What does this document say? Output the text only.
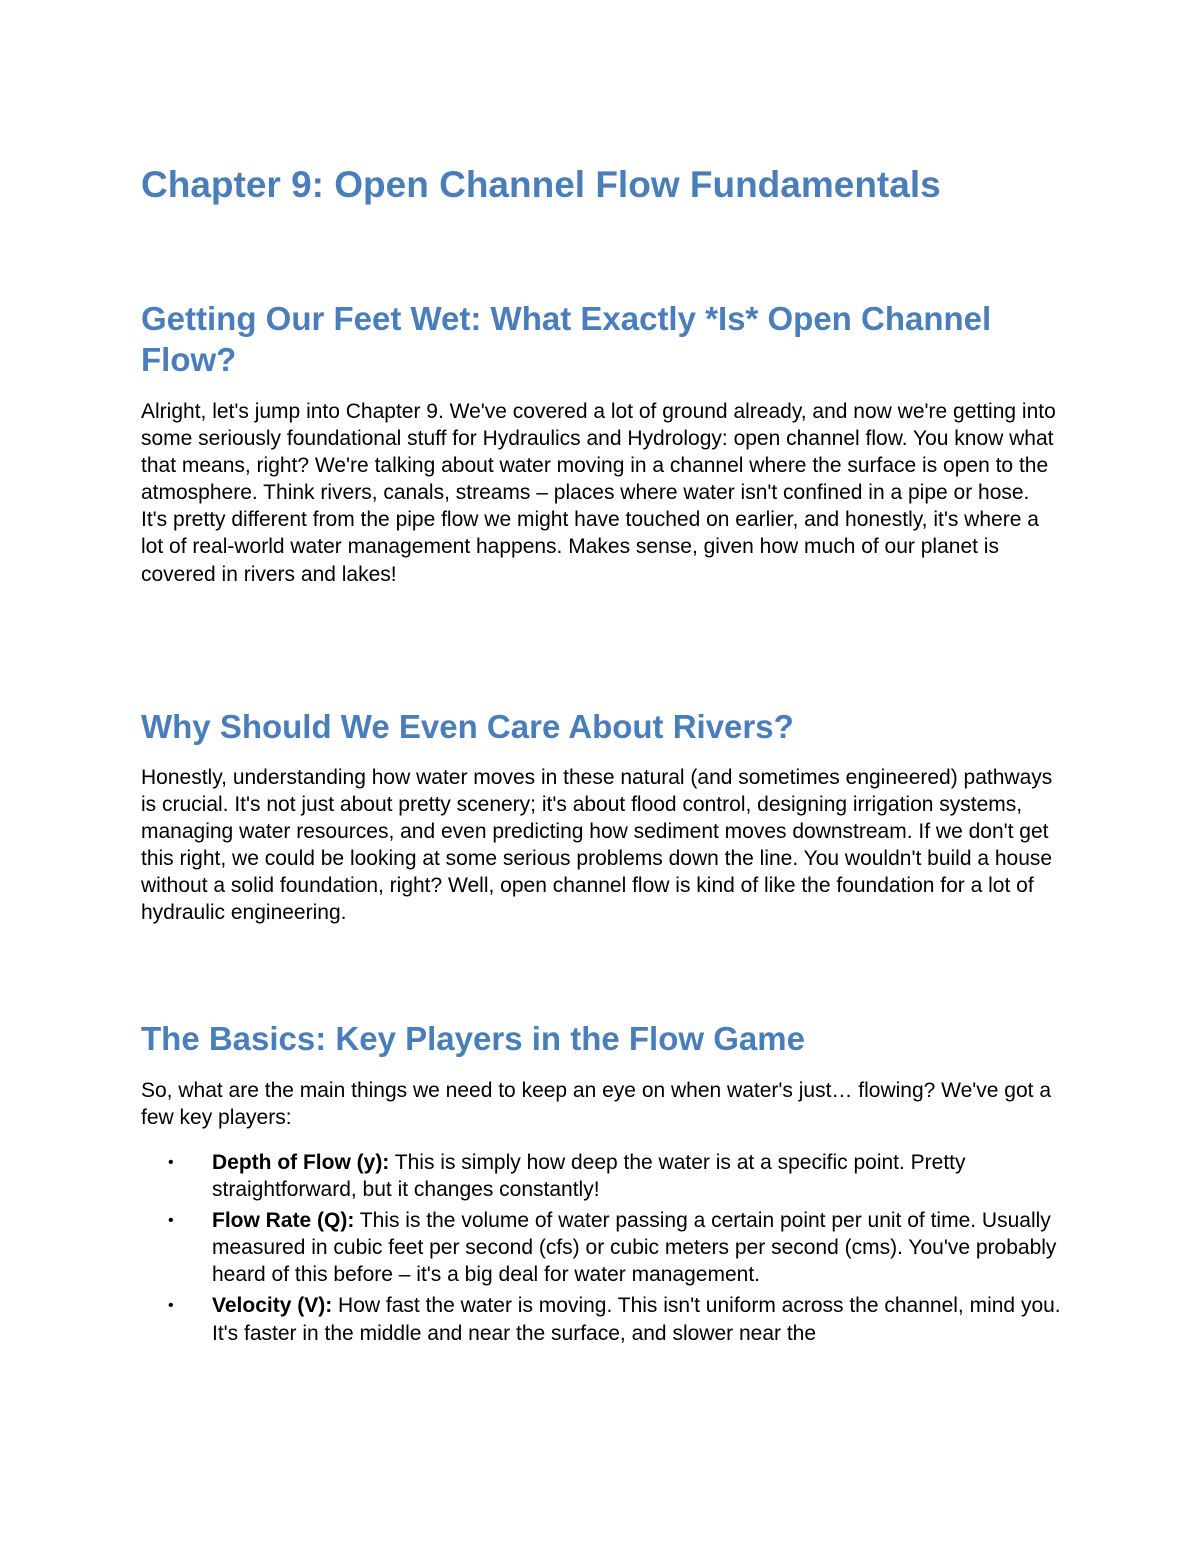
Chapter 9: Open Channel Flow Fundamentals
Getting Our Feet Wet: What Exactly *Is* Open Channel Flow?

Alright, let's jump into Chapter 9. We've covered a lot of ground already, and now we're getting into some seriously foundational stuff for Hydraulics and Hydrology: open channel flow. You know what that means, right? We're talking about water moving in a channel where the surface is open to the atmosphere. Think rivers, canals, streams – places where water isn't confined in a pipe or hose. It's pretty different from the pipe flow we might have touched on earlier, and honestly, it's where a lot of real-world water management happens. Makes sense, given how much of our planet is covered in rivers and lakes!

Why Should We Even Care About Rivers?

Honestly, understanding how water moves in these natural (and sometimes engineered) pathways is crucial. It's not just about pretty scenery; it's about flood control, designing irrigation systems, managing water resources, and even predicting how sediment moves downstream. If we don't get this right, we could be looking at some serious problems down the line. You wouldn't build a house without a solid foundation, right? Well, open channel flow is kind of like the foundation for a lot of hydraulic engineering.

The Basics: Key Players in the Flow Game

So, what are the main things we need to keep an eye on when water's just… flowing? We've got a few key players:

• Depth of Flow (y): This is simply how deep the water is at a specific point. Pretty straightforward, but it changes constantly!
• Flow Rate (Q): This is the volume of water passing a certain point per unit of time. Usually measured in cubic feet per second (cfs) or cubic meters per second (cms). You've probably heard of this before – it's a big deal for water management.
• Velocity (V): How fast the water is moving. This isn't uniform across the channel, mind you. It's faster in the middle and near the surface, and slower near the
